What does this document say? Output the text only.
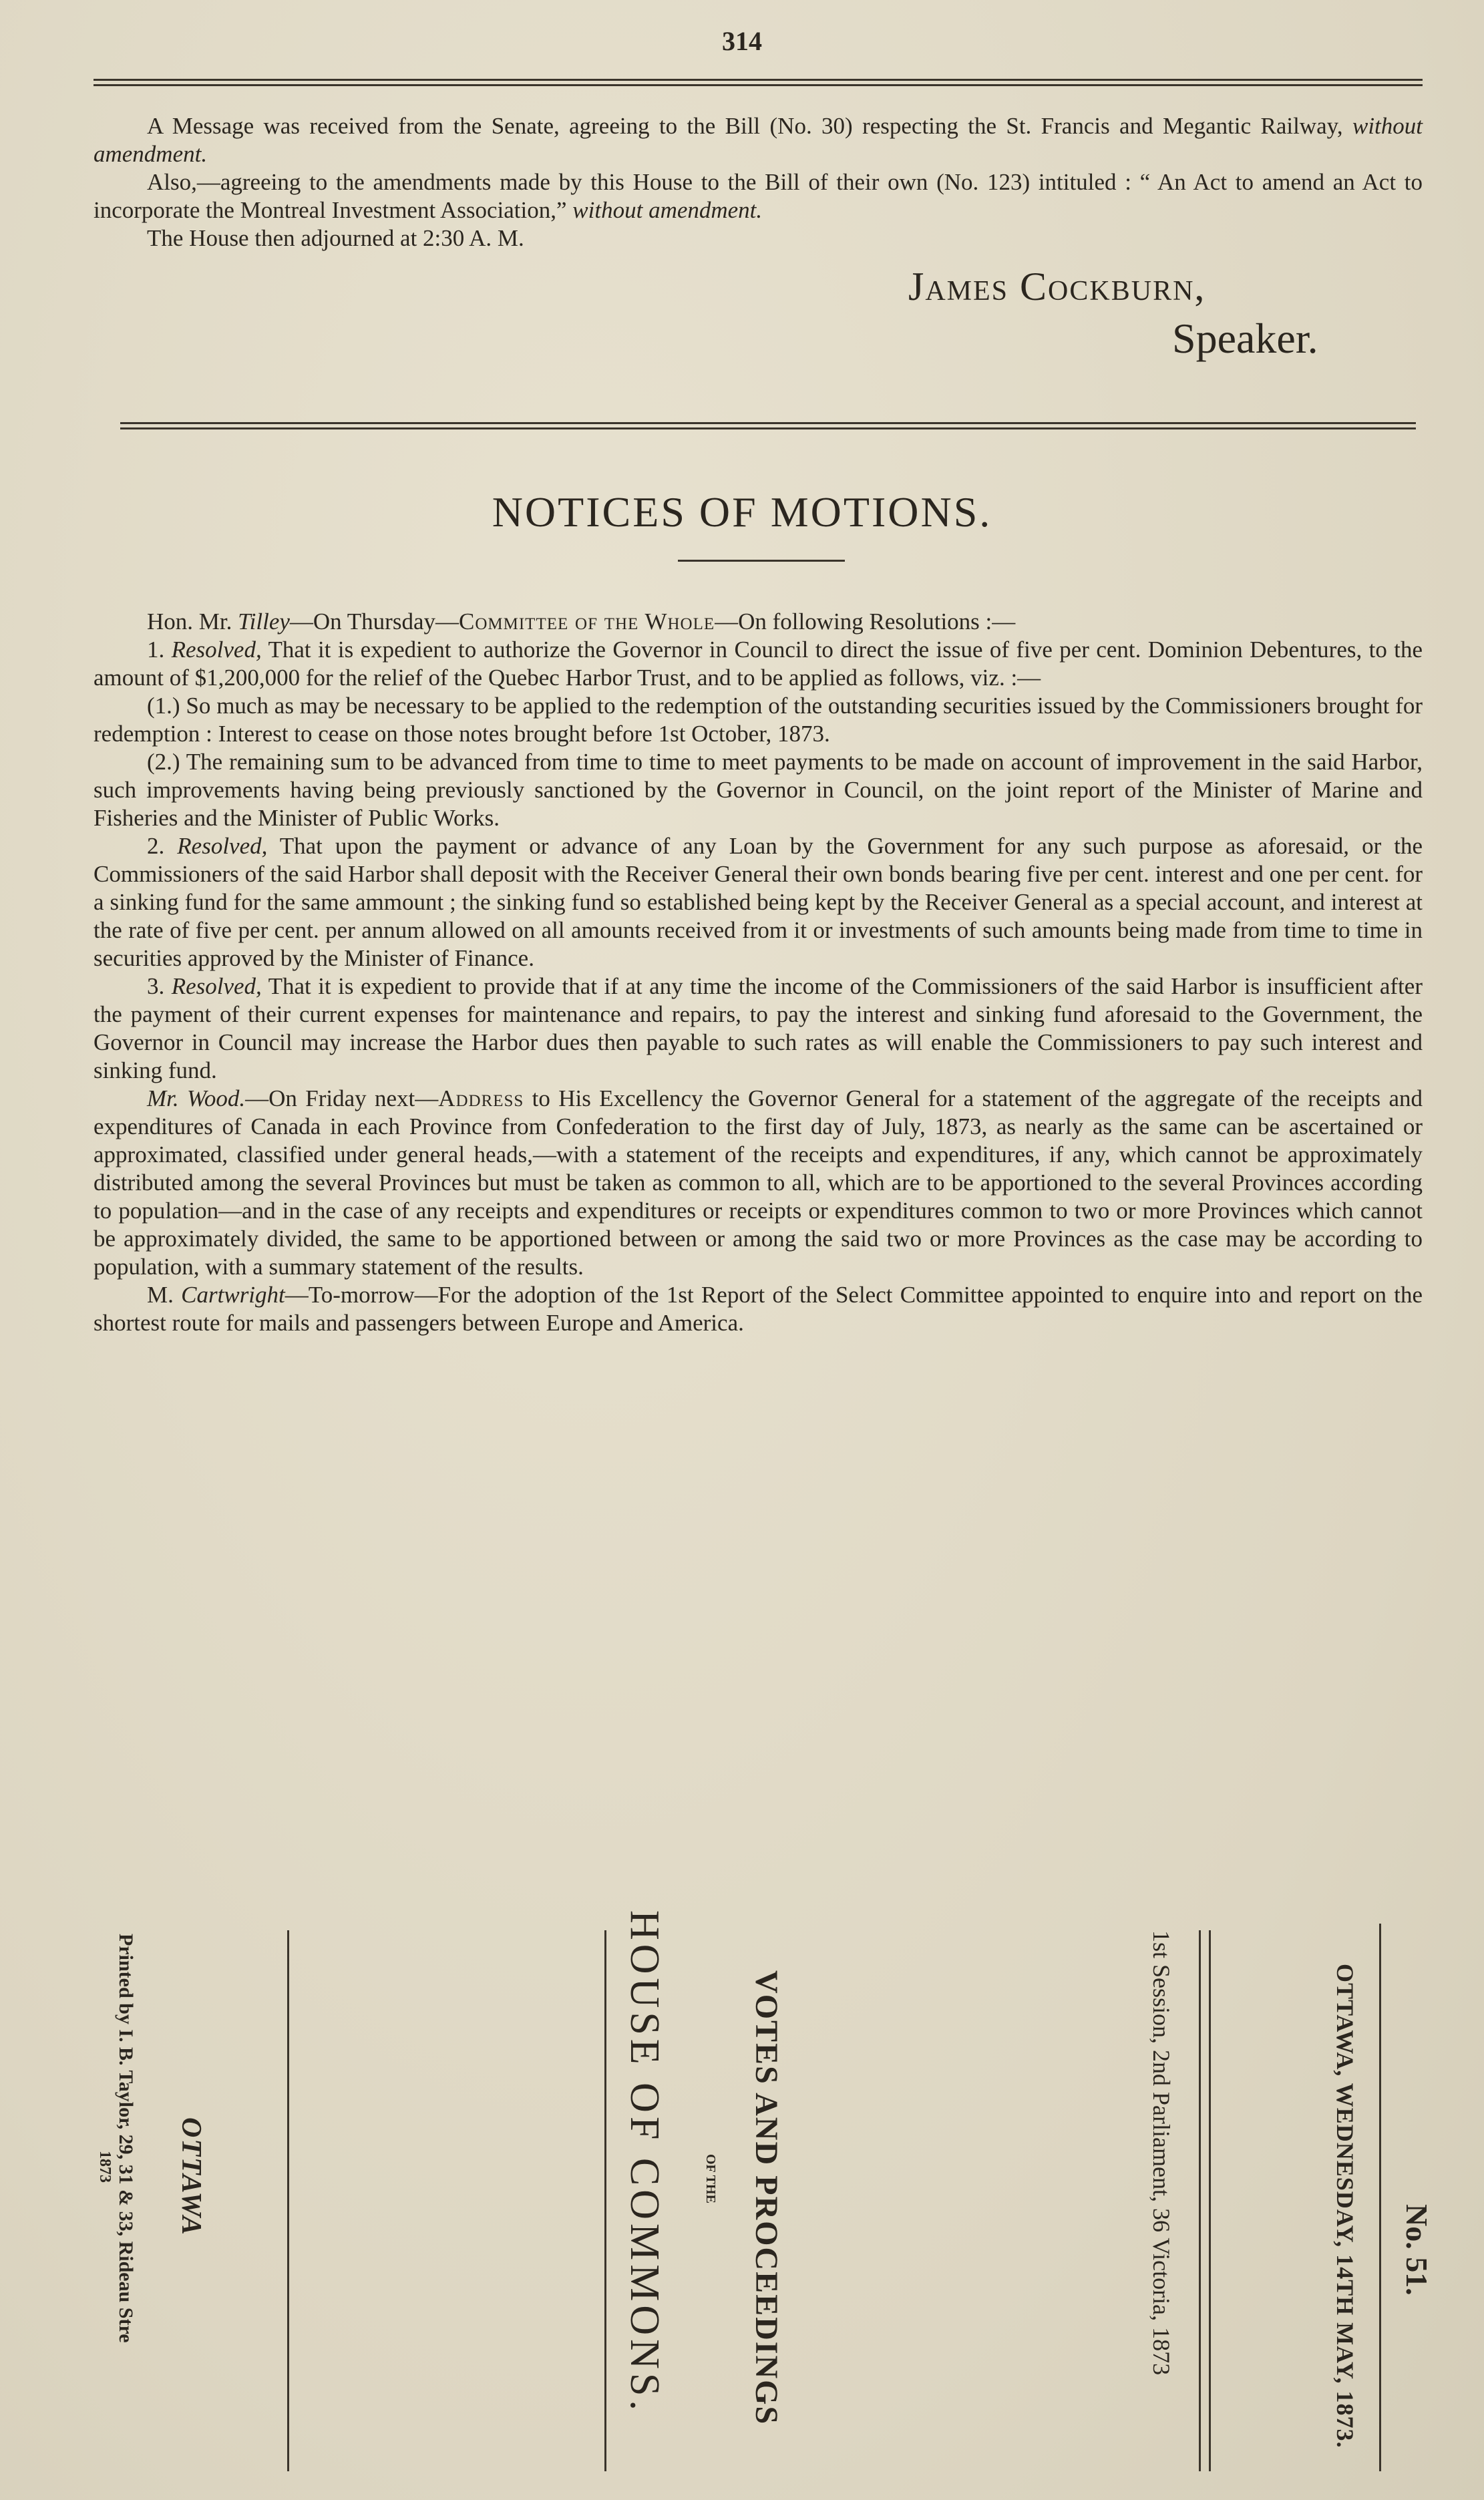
314
A Message was received from the Senate, agreeing to the Bill (No. 30) respecting the St. Francis and Megantic Railway, without amendment.
Also,—agreeing to the amendments made by this House to the Bill of their own (No. 123) intituled : “ An Act to amend an Act to incorporate the Montreal Investment Association,” without amendment.
The House then adjourned at 2:30 A. M.
James Cockburn,
Speaker.
NOTICES OF MOTIONS.
Hon. Mr. Tilley—On Thursday—Committee of the Whole—On following Resolutions :—
1. Resolved, That it is expedient to authorize the Governor in Council to direct the issue of five per cent. Dominion Debentures, to the amount of $1,200,000 for the relief of the Quebec Harbor Trust, and to be applied as follows, viz. :—
(1.) So much as may be necessary to be applied to the redemption of the outstanding securities issued by the Commissioners brought for redemption : Interest to cease on those notes brought before 1st October, 1873.
(2.) The remaining sum to be advanced from time to time to meet payments to be made on account of improvement in the said Harbor, such improvements having being previously sanctioned by the Governor in Council, on the joint report of the Minister of Marine and Fisheries and the Minister of Public Works.
2. Resolved, That upon the payment or advance of any Loan by the Government for any such purpose as aforesaid, or the Commissioners of the said Harbor shall deposit with the Receiver General their own bonds bearing five per cent. interest and one per cent. for a sinking fund for the same ammount ; the sinking fund so established being kept by the Receiver General as a special account, and interest at the rate of five per cent. per annum allowed on all amounts received from it or investments of such amounts being made from time to time in securities approved by the Minister of Finance.
3. Resolved, That it is expedient to provide that if at any time the income of the Commissioners of the said Harbor is insufficient after the payment of their current expenses for maintenance and repairs, to pay the interest and sinking fund aforesaid to the Government, the Governor in Council may increase the Harbor dues then payable to such rates as will enable the Commissioners to pay such interest and sinking fund.
Mr. Wood.—On Friday next—Address to His Excellency the Governor General for a statement of the aggregate of the receipts and expenditures of Canada in each Province from Confederation to the first day of July, 1873, as nearly as the same can be ascertained or approximated, classified under general heads,—with a statement of the receipts and expenditures, if any, which cannot be approximately distributed among the several Provinces but must be taken as common to all, which are to be apportioned to the several Provinces according to population—and in the case of any receipts and expenditures or receipts or expenditures common to two or more Provinces which cannot be approximately divided, the same to be apportioned between or among the said two or more Provinces as the case may be according to population, with a summary statement of the results.
M. Cartwright—To-morrow—For the adoption of the 1st Report of the Select Committee appointed to enquire into and report on the shortest route for mails and passengers between Europe and America.
No. 51.
OTTAWA, WEDNESDAY, 14TH MAY, 1873.
1st Session, 2nd Parliament, 36 Victoria, 1873
VOTES AND PROCEEDINGS
OF THE
HOUSE OF COMMONS.
OTTAWA
Printed by I. B. Taylor, 29, 31 & 33, Rideau Stre
1873
